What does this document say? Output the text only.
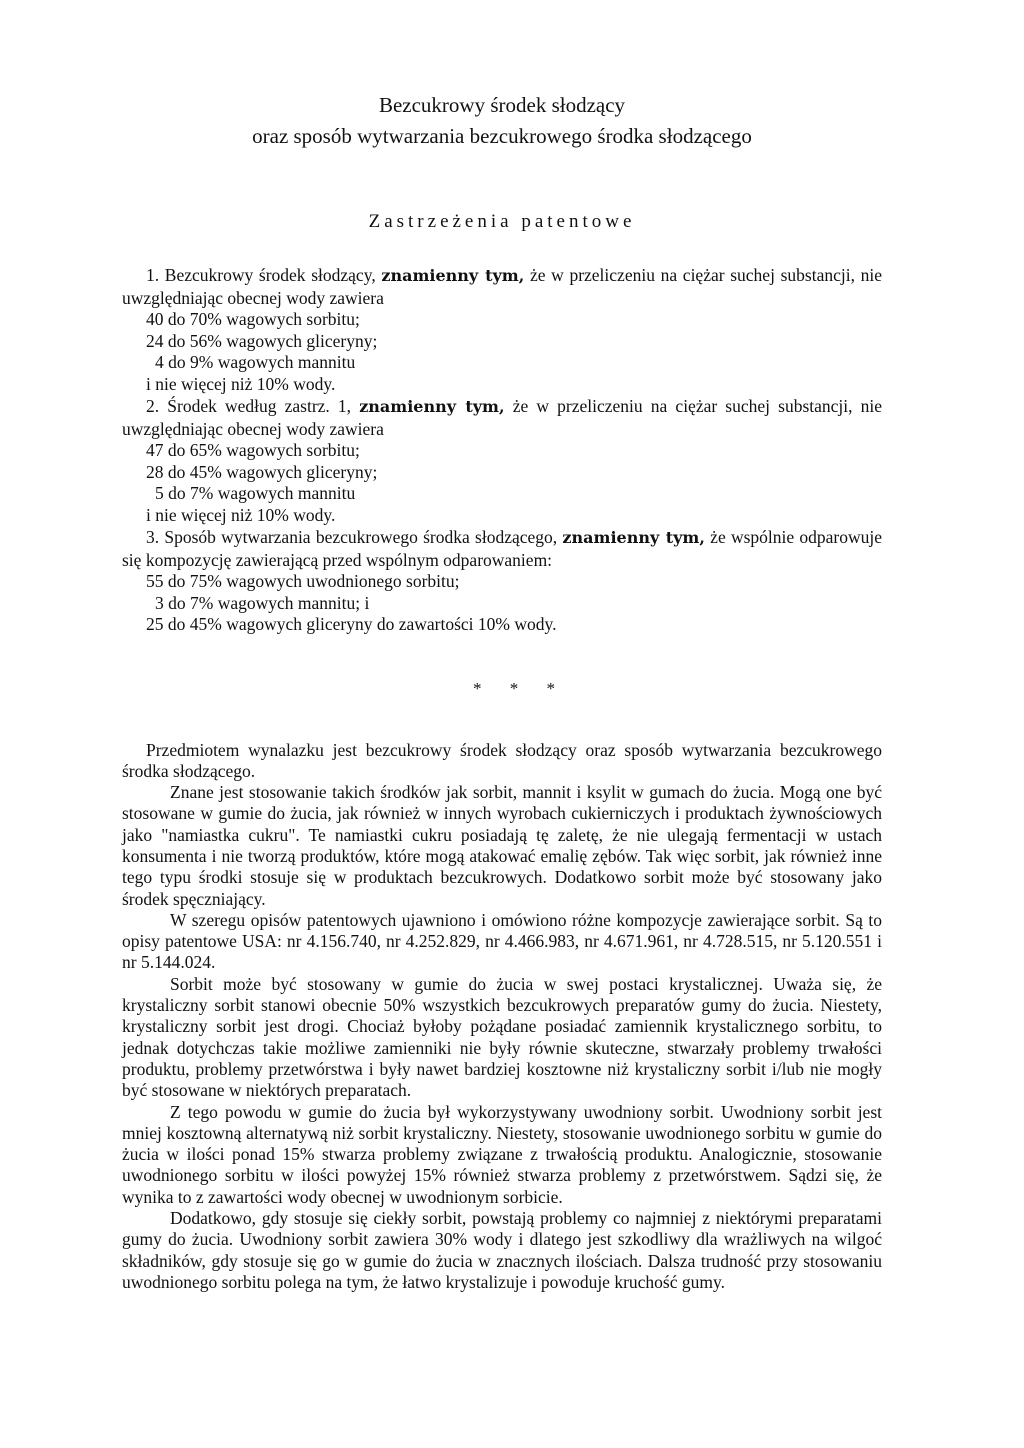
Bezcukrowy środek słodzący
oraz sposób wytwarzania bezcukrowego środka słodzącego
Zastrzeżenia patentowe

1. Bezcukrowy środek słodzący, znamienny tym, że w przeliczeniu na ciężar suchej substancji, nie uwzględniając obecnej wody zawiera

40 do 70% wagowych sorbitu;
24 do 56% wagowych gliceryny;
4 do 9% wagowych mannitu
i nie więcej niż 10% wody.

2. Środek według zastrz. 1, znamienny tym, że w przeliczeniu na ciężar suchej substancji, nie uwzględniając obecnej wody zawiera

47 do 65% wagowych sorbitu;
28 do 45% wagowych gliceryny;
5 do 7% wagowych mannitu
i nie więcej niż 10% wody.

3. Sposób wytwarzania bezcukrowego środka słodzącego, znamienny tym, że wspólnie odparowuje się kompozycję zawierającą przed wspólnym odparowaniem:

55 do 75% wagowych uwodnionego sorbitu;
3 do 7% wagowych mannitu; i
25 do 45% wagowych gliceryny do zawartości 10% wody.
* * *

Przedmiotem wynalazku jest bezcukrowy środek słodzący oraz sposób wytwarzania bezcukrowego środka słodzącego.

Znane jest stosowanie takich środków jak sorbit, mannit i ksylit w gumach do żucia. Mogą one być stosowane w gumie do żucia, jak również w innych wyrobach cukierniczych i produktach żywnościowych jako "namiastka cukru". Te namiastki cukru posiadają tę zaletę, że nie ulegają fermentacji w ustach konsumenta i nie tworzą produktów, które mogą atakować emalię zębów. Tak więc sorbit, jak również inne tego typu środki stosuje się w produktach bezcukrowych. Dodatkowo sorbit może być stosowany jako środek spęczniający.

W szeregu opisów patentowych ujawniono i omówiono różne kompozycje zawierające sorbit. Są to opisy patentowe USA: nr 4.156.740, nr 4.252.829, nr 4.466.983, nr 4.671.961, nr 4.728.515, nr 5.120.551 i nr 5.144.024.

Sorbit może być stosowany w gumie do żucia w swej postaci krystalicznej. Uważa się, że krystaliczny sorbit stanowi obecnie 50% wszystkich bezcukrowych preparatów gumy do żucia. Niestety, krystaliczny sorbit jest drogi. Chociaż byłoby pożądane posiadać zamiennik krystalicznego sorbitu, to jednak dotychczas takie możliwe zamienniki nie były równie skuteczne, stwarzały problemy trwałości produktu, problemy przetwórstwa i były nawet bardziej kosztowne niż krystaliczny sorbit i/lub nie mogły być stosowane w niektórych preparatach.

Z tego powodu w gumie do żucia był wykorzystywany uwodniony sorbit. Uwodniony sorbit jest mniej kosztowną alternatywą niż sorbit krystaliczny. Niestety, stosowanie uwodnionego sorbitu w gumie do żucia w ilości ponad 15% stwarza problemy związane z trwałością produktu. Analogicznie, stosowanie uwodnionego sorbitu w ilości powyżej 15% również stwarza problemy z przetwórstwem. Sądzi się, że wynika to z zawartości wody obecnej w uwodnionym sorbicie.

Dodatkowo, gdy stosuje się ciekły sorbit, powstają problemy co najmniej z niektórymi preparatami gumy do żucia. Uwodniony sorbit zawiera 30% wody i dlatego jest szkodliwy dla wrażliwych na wilgoć składników, gdy stosuje się go w gumie do żucia w znacznych ilościach. Dalsza trudność przy stosowaniu uwodnionego sorbitu polega na tym, że łatwo krystalizuje i powoduje kruchość gumy.
